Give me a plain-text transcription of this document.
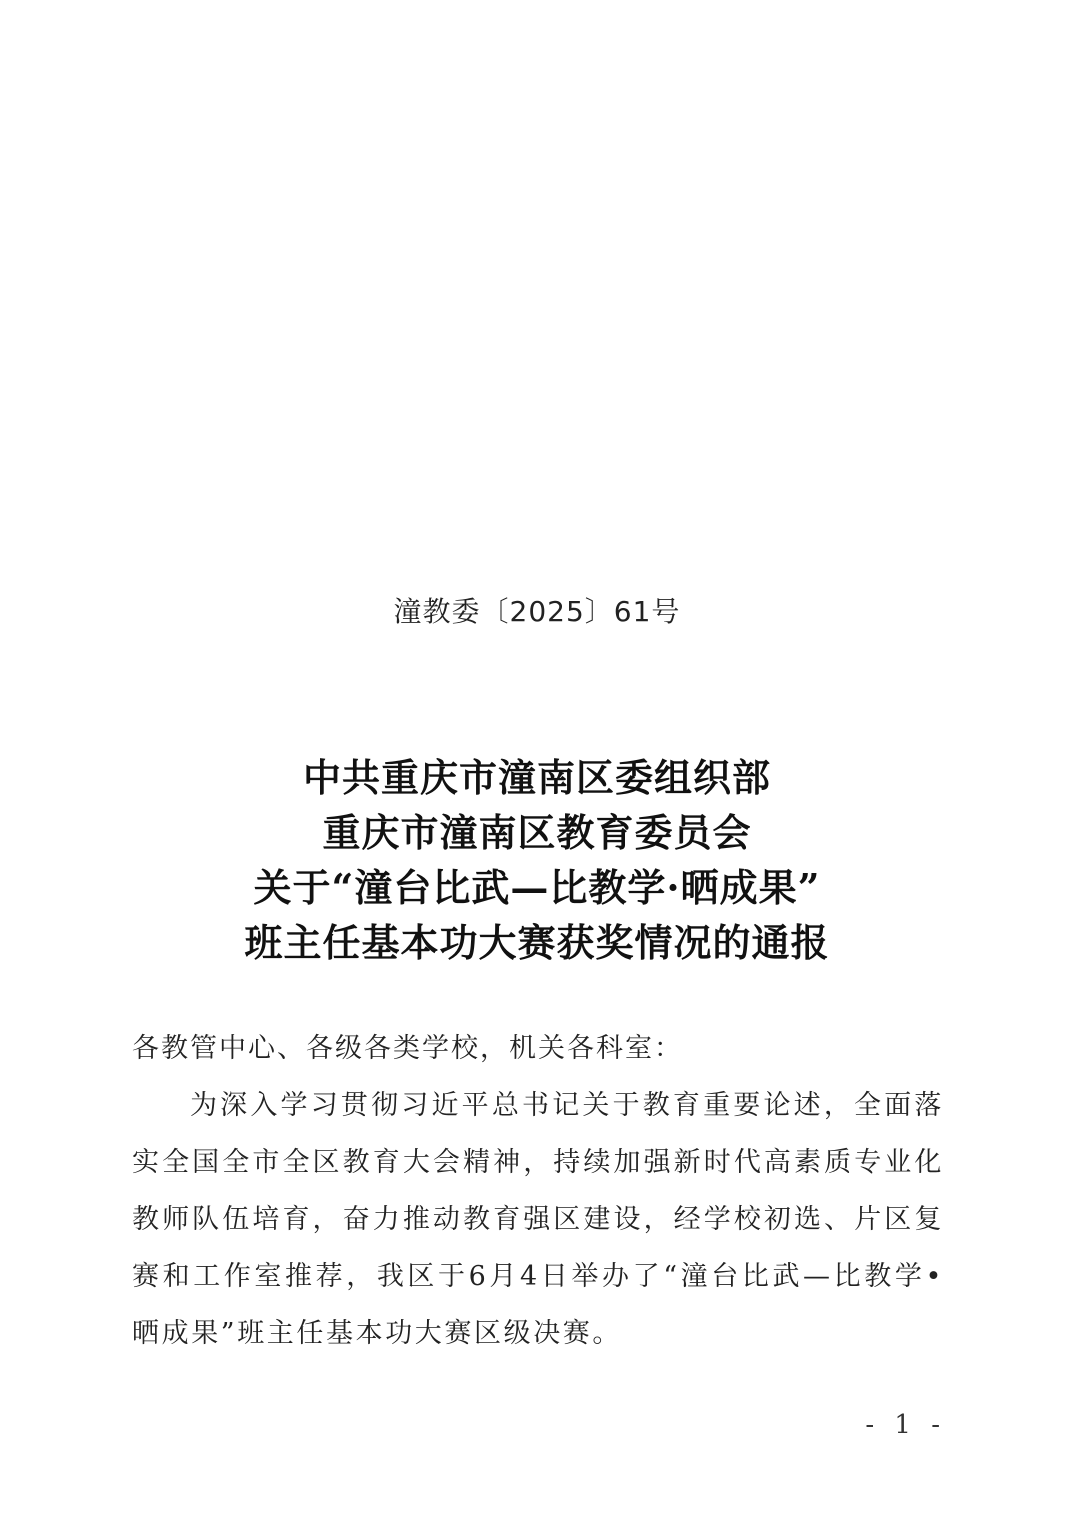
潼教委〔2025〕61号
中共重庆市潼南区委组织部
重庆市潼南区教育委员会
关于“潼台比武—比教学·晒成果”
班主任基本功大赛获奖情况的通报
各教管中心、各级各类学校，机关各科室：
为深入学习贯彻习近平总书记关于教育重要论述，全面落实全国全市全区教育大会精神，持续加强新时代高素质专业化教师队伍培育，奋力推动教育强区建设，经学校初选、片区复赛和工作室推荐，我区于6月4日举办了“潼台比武—比教学•晒成果”班主任基本功大赛区级决赛。
- 1 -
